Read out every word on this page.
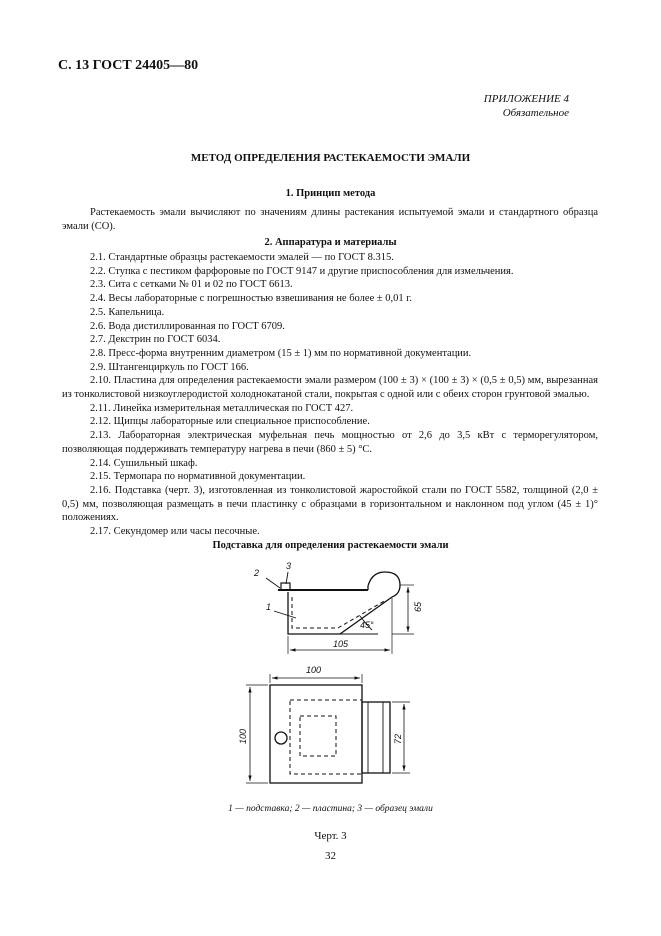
С. 13 ГОСТ 24405—80
ПРИЛОЖЕНИЕ 4
Обязательное
МЕТОД ОПРЕДЕЛЕНИЯ РАСТЕКАЕМОСТИ ЭМАЛИ
1. Принцип метода

Растекаемость эмали вычисляют по значениям длины растекания испытуемой эмали и стандартного образца эмали (СО).

2. Аппаратура и материалы

2.1. Стандартные образцы растекаемости эмалей — по ГОСТ 8.315.

2.2. Ступка с пестиком фарфоровые по ГОСТ 9147 и другие приспособления для измельчения.

2.3. Сита с сетками № 01 и 02 по ГОСТ 6613.

2.4. Весы лабораторные с погрешностью взвешивания не более ± 0,01 г.

2.5. Капельница.

2.6. Вода дистиллированная по ГОСТ 6709.

2.7. Декстрин по ГОСТ 6034.

2.8. Пресс-форма внутренним диаметром (15 ± 1) мм по нормативной документации.

2.9. Штангенциркуль по ГОСТ 166.

2.10. Пластина для определения растекаемости эмали размером (100 ± 3) × (100 ± 3) × (0,5 ± 0,5) мм, вырезанная из тонколистовой низкоуглеродистой холоднокатаной стали, покрытая с одной или с обеих сторон грунтовой эмалью.

2.11. Линейка измерительная металлическая по ГОСТ 427.

2.12. Щипцы лабораторные или специальное приспособление.

2.13. Лабораторная электрическая муфельная печь мощностью от 2,6 до 3,5 кВт с терморегулятором, позволяющая поддерживать температуру нагрева в печи (860 ± 5) °С.

2.14. Сушильный шкаф.

2.15. Термопара по нормативной документации.

2.16. Подставка (черт. 3), изготовленная из тонколистовой жаростойкой стали по ГОСТ 5582, толщиной (2,0 ± 0,5) мм, позволяющая размещать в печи пластинку с образцами в горизонтальном и наклонном под углом (45 ± 1)° положениях.

2.17. Секундомер или часы песочные.

Подставка для определения растекаемости эмали
2
3
1
45°
65
105
100
100	72
1 — подставка; 2 — пластина; 3 — образец эмали
Черт. 3
32
